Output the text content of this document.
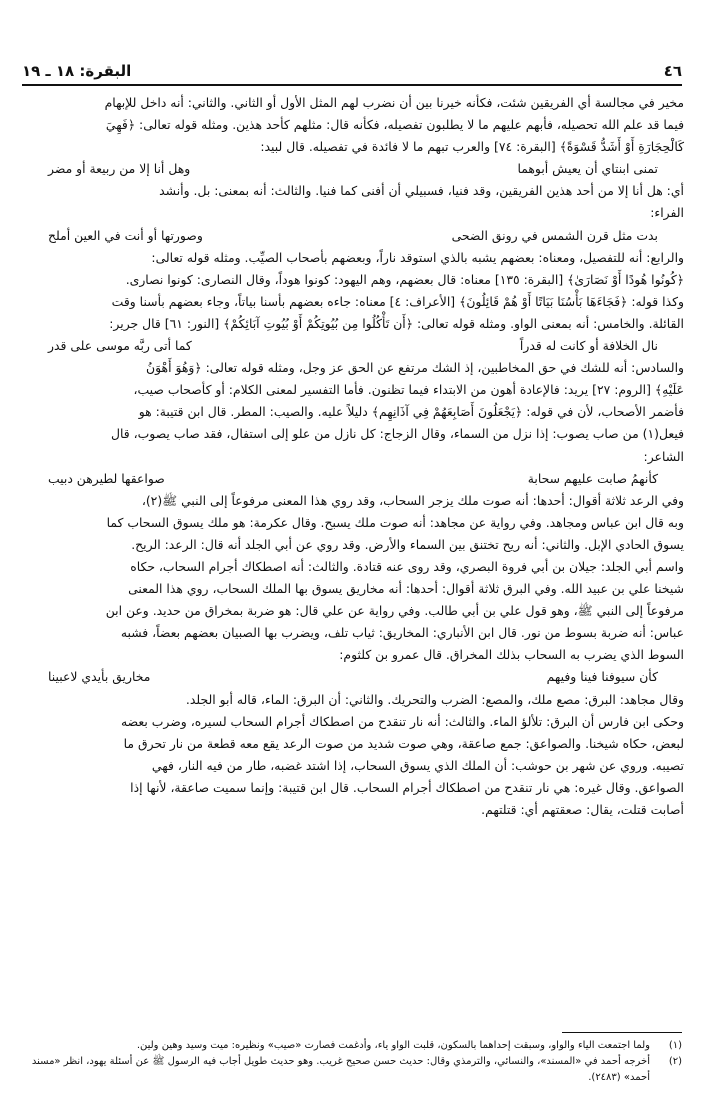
٤٦
البقرة: ١٨ ـ ١٩

مخير في مجالسة أي الفريقين شئت، فكأنه خيرنا بين أن نضرب لهم المثل الأول أو الثاني. والثاني: أنه داخل للإبهام

فيما قد علم الله تحصيله، فأبهم عليهم ما لا يطلبون تفصيله، فكأنه قال: مثلهم كأحد هذين. ومثله قوله تعالى: ﴿فَهِيَ

كَالْحِجَارَةِ أَوْ أَشَدُّ قَسْوَةً﴾ [البقرة: ٧٤] والعرب تبهم ما لا فائدة في تفصيله. قال لبيد:

تمنى ابنتاي أن يعيش أبوهما
وهل أنا إلا من ربيعة أو مضر

أي: هل أنا إلا من أحد هذين الفريقين، وقد فنيا، فسبيلي أن أفنى كما فنيا. والثالث: أنه بمعنى: بل. وأنشد

الفراء:

بدت مثل قرن الشمس في رونق الضحى
وصورتها أو أنت في العين أملح

والرابع: أنه للتفصيل، ومعناه: بعضهم يشبه بالذي استوقد ناراً، وبعضهم بأصحاب الصيِّب. ومثله قوله تعالى:

﴿كُونُوا هُودًا أَوْ نَصَارَىٰ﴾ [البقرة: ١٣٥] معناه: قال بعضهم، وهم اليهود: كونوا هوداً، وقال النصارى: كونوا نصارى.

وكذا قوله: ﴿فَجَاءَهَا بَأْسُنَا بَيَاتًا أَوْ هُمْ قَائِلُونَ﴾ [الأعراف: ٤] معناه: جاءه بعضهم بأسنا بياتاً، وجاء بعضهم بأسنا وقت

القائلة. والخامس: أنه بمعنى الواو. ومثله قوله تعالى: ﴿أَن تَأْكُلُوا مِن بُيُوتِكُمْ أَوْ بُيُوتِ آبَائِكُمْ﴾ [النور: ٦١] قال جرير:

نال الخلافة أو كانت له قدراً
كما أتى ربَّه موسى على قدر

والسادس: أنه للشك في حق المخاطبين، إذ الشك مرتفع عن الحق عز وجل، ومثله قوله تعالى: ﴿وَهُوَ أَهْوَنُ

عَلَيْهِ﴾ [الروم: ٢٧] يريد: فالإعادة أهون من الابتداء فيما تظنون. فأما التفسير لمعنى الكلام: أو كأصحاب صيب،

فأضمر الأصحاب، لأن في قوله: ﴿يَجْعَلُونَ أَصَابِعَهُمْ فِي آذَانِهِم﴾ دليلاً عليه. والصيب: المطر. قال ابن قتيبة: هو

فيعل(١) من صاب يصوب: إذا نزل من السماء، وقال الزجاج: كل نازل من علو إلى استفال، فقد صاب يصوب، قال

الشاعر:

كأنهمُ صابت عليهم سحابة
صواعقها لطيرهن دبيب

وفي الرعد ثلاثة أقوال: أحدها: أنه صوت ملك يزجر السحاب، وقد روي هذا المعنى مرفوعاً إلى النبي ﷺ(٢)،

وبه قال ابن عباس ومجاهد. وفي رواية عن مجاهد: أنه صوت ملك يسبح. وقال عكرمة: هو ملك يسوق السحاب كما

يسوق الحادي الإبل. والثاني: أنه ريح تختنق بين السماء والأرض. وقد روي عن أبي الجلد أنه قال: الرعد: الريح.

واسم أبي الجلد: جيلان بن أبي فروة البصري، وقد روى عنه قتادة. والثالث: أنه اصطكاك أجرام السحاب، حكاه

شيخنا علي بن عبيد الله. وفي البرق ثلاثة أقوال: أحدها: أنه مخاريق يسوق بها الملك السحاب، روي هذا المعنى

مرفوعاً إلى النبي ﷺ، وهو قول علي بن أبي طالب. وفي رواية عن علي قال: هو ضربة بمخراق من حديد. وعن ابن

عباس: أنه ضربة بسوط من نور. قال ابن الأنباري: المخاريق: ثياب تلف، ويضرب بها الصبيان بعضهم بعضاً، فشبه

السوط الذي يضرب به السحاب بذلك المخراق. قال عمرو بن كلثوم:

كأن سيوفنا فينا وفيهم
مخاريق بأيدي لاعبينا

وقال مجاهد: البرق: مصع ملك، والمصع: الضرب والتحريك. والثاني: أن البرق: الماء، قاله أبو الجلد.

وحكى ابن فارس أن البرق: تلألؤ الماء. والثالث: أنه نار تنقدح من اصطكاك أجرام السحاب لسيره، وضرب بعضه

لبعض، حكاه شيخنا. والصواعق: جمع صاعقة، وهي صوت شديد من صوت الرعد يقع معه قطعة من نار تحرق ما

تصيبه. وروي عن شهر بن حوشب: أن الملك الذي يسوق السحاب، إذا اشتد غضبه، طار من فيه النار، فهي

الصواعق. وقال غيره: هي نار تنقدح من اصطكاك أجرام السحاب. قال ابن قتيبة: وإنما سميت صاعقة، لأنها إذا

أصابت قتلت، يقال: صعقتهم أي: قتلتهم.

(١)
ولما اجتمعت الياء والواو، وسبقت إحداهما بالسكون، قلبت الواو ياء، وأدغمت فصارت «صيب» ونظيره: ميت وسيد وهين ولين.
(٢)
أخرجه أحمد في «المسند»، والنسائي، والترمذي وقال: حديث حسن صحيح غريب. وهو حديث طويل أجاب فيه الرسول ﷺ عن أسئلة يهود، انظر «مسند أحمد» (٢٤٨٣).
